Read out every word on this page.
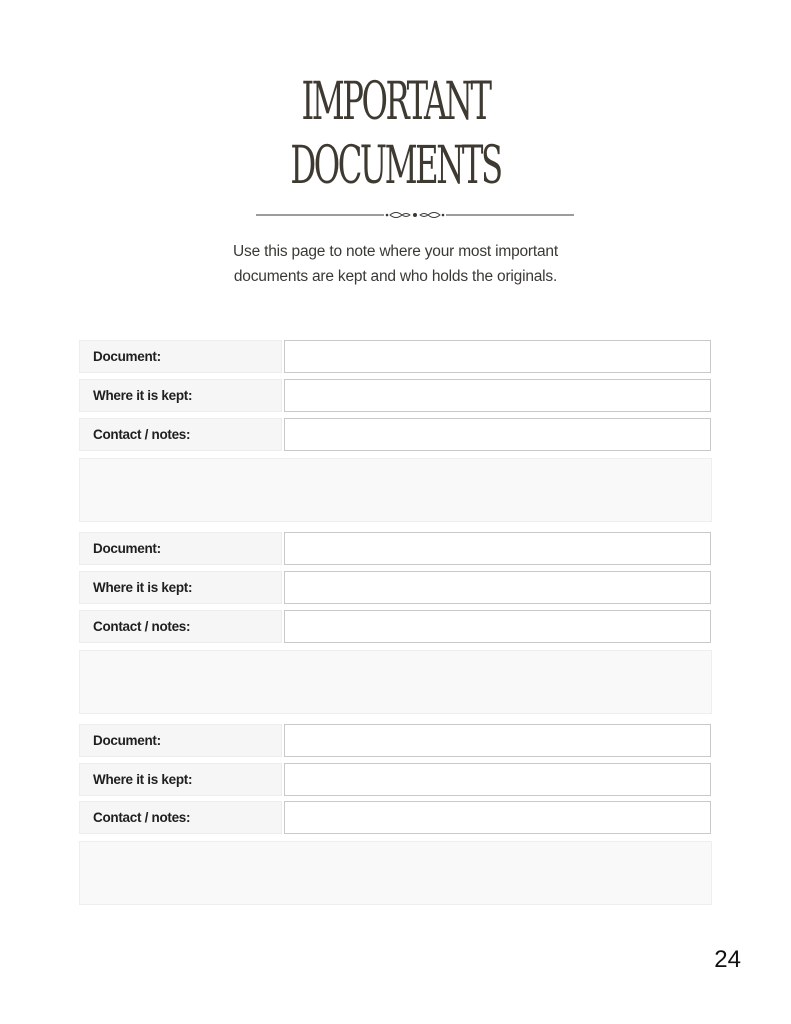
IMPORTANT
DOCUMENTS
Use this page to note where your most important
documents are kept and who holds the originals.
Document:
Where it is kept:
Contact / notes:
Document:
Where it is kept:
Contact / notes:
Document:
Where it is kept:
Contact / notes:
24
